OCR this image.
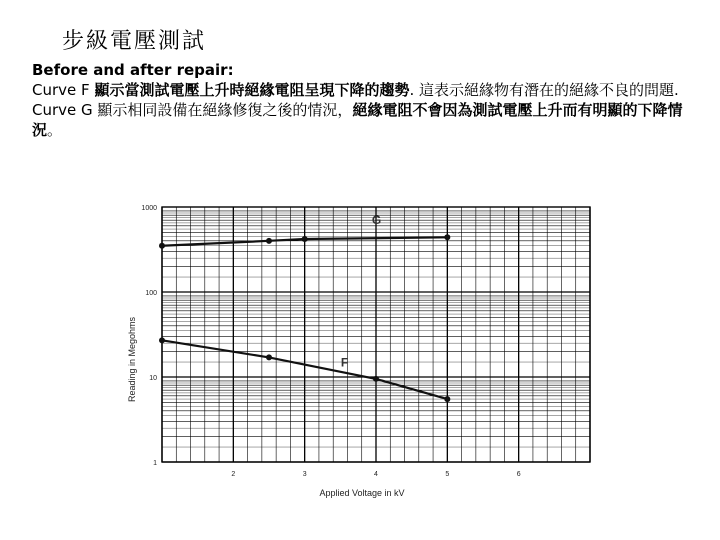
步級電壓測試
Before and after repair:
Curve F 顯示當測試電壓上升時絕緣電阻呈現下降的趨勢. 這表示絕緣物有潛在的絕緣不良的問題.
Curve G 顯示相同設備在絕緣修復之後的情況，絕緣電阻不會因為測試電壓上升而有明顯的下降情況。
2	3	4	5	6
1000
100
10
1
G
F
Applied Voltage in kV
Reading in Megohms
